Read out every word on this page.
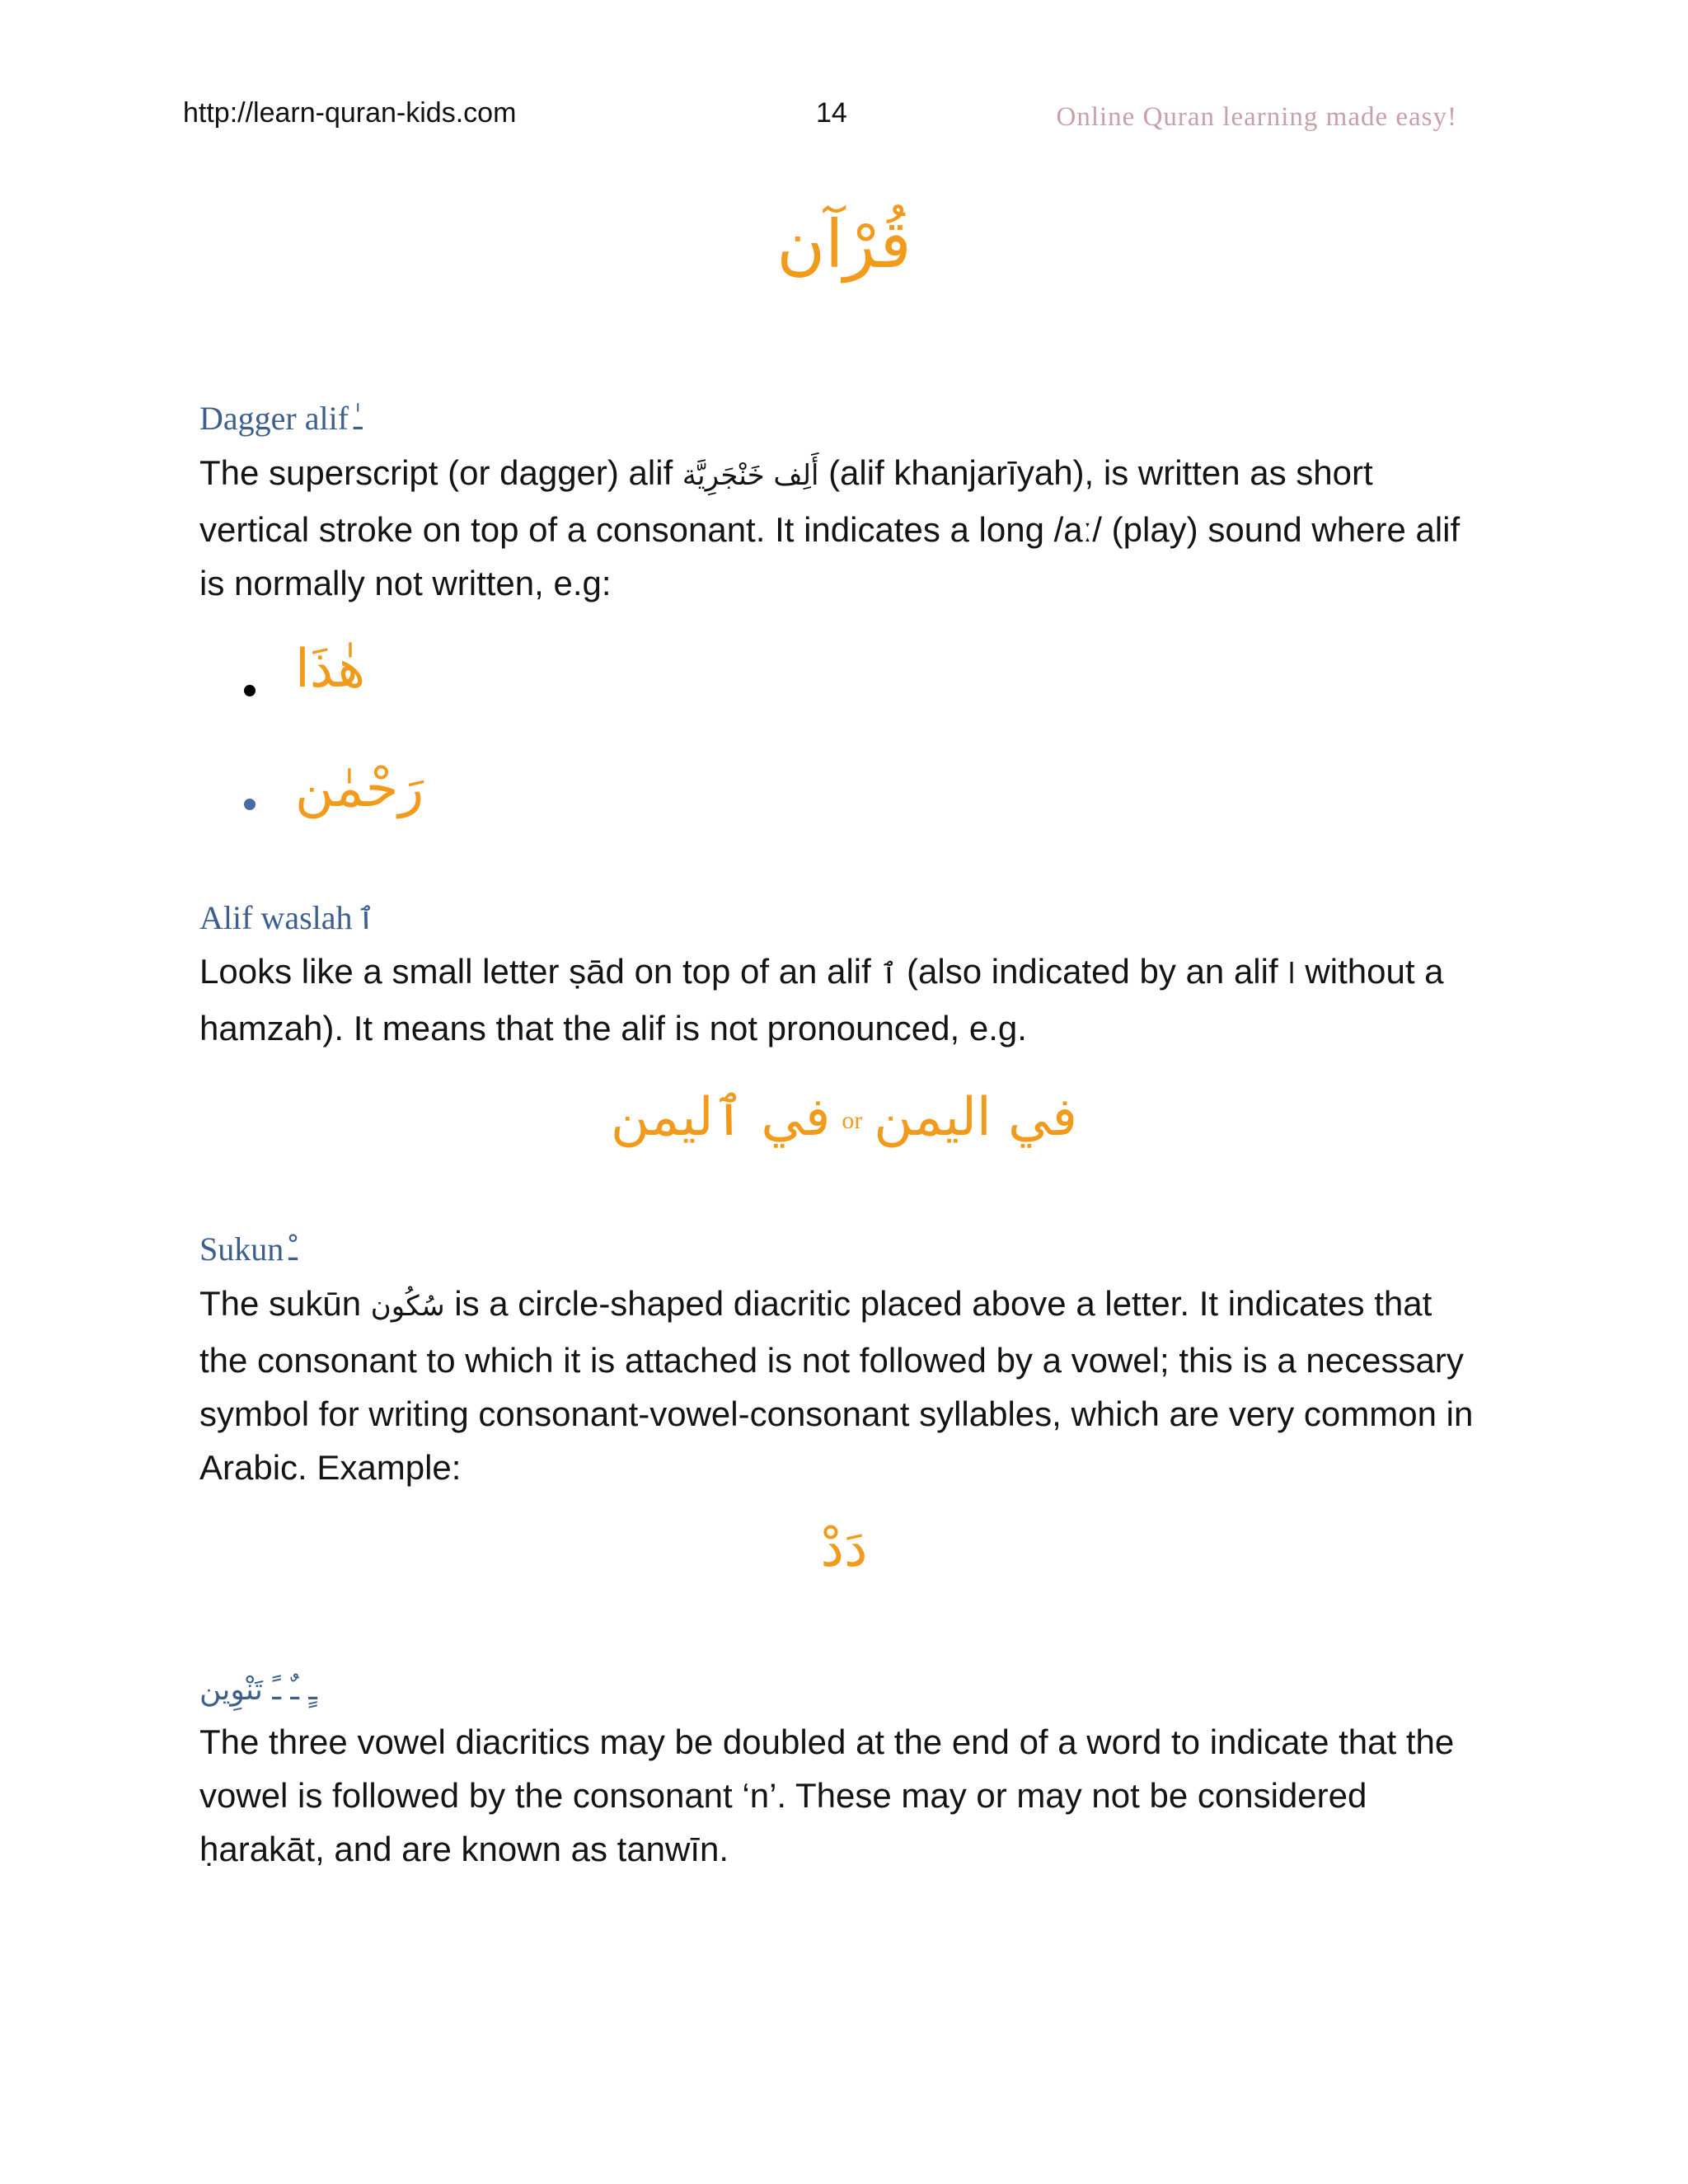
http://learn-quran-kids.com	14	Online Quran learning made easy!
قُرْآن
Dagger alif ـٰ
The superscript (or dagger) alif أَلِف خَنْجَرِيَّة (alif khanjarīyah), is written as short vertical stroke on top of a consonant. It indicates a long /aː/ (play) sound where alif is normally not written, e.g:
هٰذَا
رَحْمٰن
Alif waslah ٱ
Looks like a small letter ṣād on top of an alif ٱ (also indicated by an alif ا without a hamzah). It means that the alif is not pronounced, e.g.
في ٱليمن or في اليمن
Sukun ـْ
The sukūn سُكُون is a circle-shaped diacritic placed above a letter. It indicates that the consonant to which it is attached is not followed by a vowel; this is a necessary symbol for writing consonant-vowel-consonant syllables, which are very common in Arabic. Example:
دَدْ
ـٍ ـٌ ـً تَنْوِين
The three vowel diacritics may be doubled at the end of a word to indicate that the vowel is followed by the consonant ‘n’. These may or may not be considered ḥarakāt, and are known as tanwīn.
